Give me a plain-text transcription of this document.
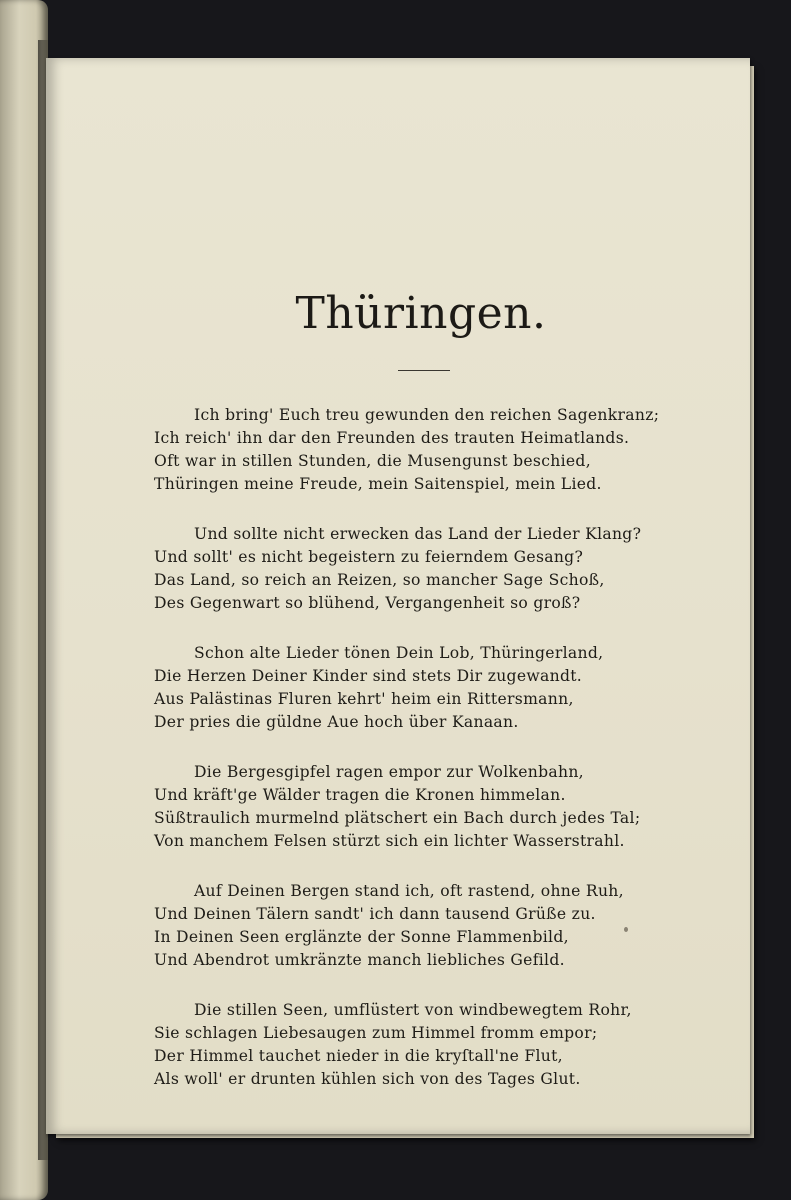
Thüringen.
Ich bring' Euch treu gewunden den reichen Sagenkranz;
Ich reich' ihn dar den Freunden des trauten Heimatlands.
Oft war in stillen Stunden, die Musengunst beschied,
Thüringen meine Freude, mein Saitenspiel, mein Lied.
Und sollte nicht erwecken das Land der Lieder Klang?
Und sollt' es nicht begeistern zu feierndem Gesang?
Das Land, so reich an Reizen, so mancher Sage Schoß,
Des Gegenwart so blühend, Vergangenheit so groß?
Schon alte Lieder tönen Dein Lob, Thüringerland,
Die Herzen Deiner Kinder sind stets Dir zugewandt.
Aus Palästinas Fluren kehrt' heim ein Rittersmann,
Der pries die güldne Aue hoch über Kanaan.
Die Bergesgipfel ragen empor zur Wolkenbahn,
Und kräft'ge Wälder tragen die Kronen himmelan.
Süßtraulich murmelnd plätschert ein Bach durch jedes Tal;
Von manchem Felsen stürzt sich ein lichter Wasserstrahl.
Auf Deinen Bergen stand ich, oft rastend, ohne Ruh,
Und Deinen Tälern sandt' ich dann tausend Grüße zu.
In Deinen Seen erglänzte der Sonne Flammenbild,
Und Abendrot umkränzte manch liebliches Gefild.
Die stillen Seen, umflüstert von windbewegtem Rohr,
Sie schlagen Liebesaugen zum Himmel fromm empor;
Der Himmel tauchet nieder in die kryſtall'ne Flut,
Als woll' er drunten kühlen sich von des Tages Glut.
